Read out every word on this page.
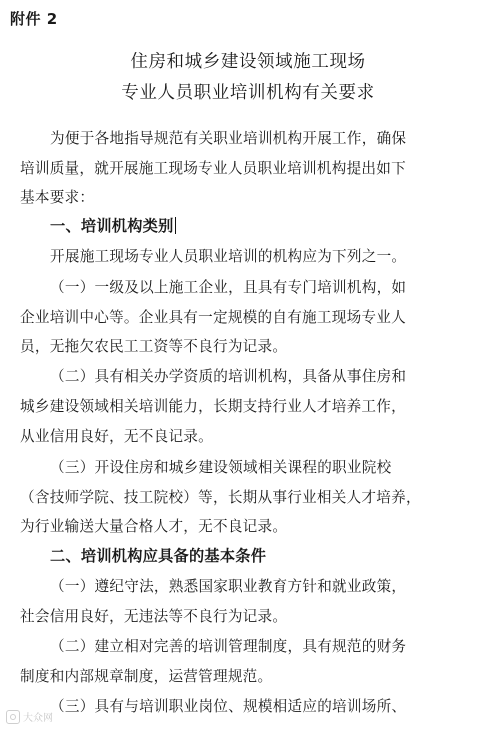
附件 2
住房和城乡建设领域施工现场
专业人员职业培训机构有关要求
为便于各地指导规范有关职业培训机构开展工作，确保
培训质量，就开展施工现场专业人员职业培训机构提出如下
基本要求：
一、培训机构类别
开展施工现场专业人员职业培训的机构应为下列之一。
（一）一级及以上施工企业，且具有专门培训机构，如
企业培训中心等。企业具有一定规模的自有施工现场专业人
员，无拖欠农民工工资等不良行为记录。
（二）具有相关办学资质的培训机构，具备从事住房和
城乡建设领域相关培训能力，长期支持行业人才培养工作，
从业信用良好，无不良记录。
（三）开设住房和城乡建设领域相关课程的职业院校
（含技师学院、技工院校）等，长期从事行业相关人才培养，
为行业输送大量合格人才，无不良记录。
二、培训机构应具备的基本条件
（一）遵纪守法，熟悉国家职业教育方针和就业政策，
社会信用良好，无违法等不良行为记录。
（二）建立相对完善的培训管理制度，具有规范的财务
制度和内部规章制度，运营管理规范。
（三）具有与培训职业岗位、规模相适应的培训场所、
大众网
